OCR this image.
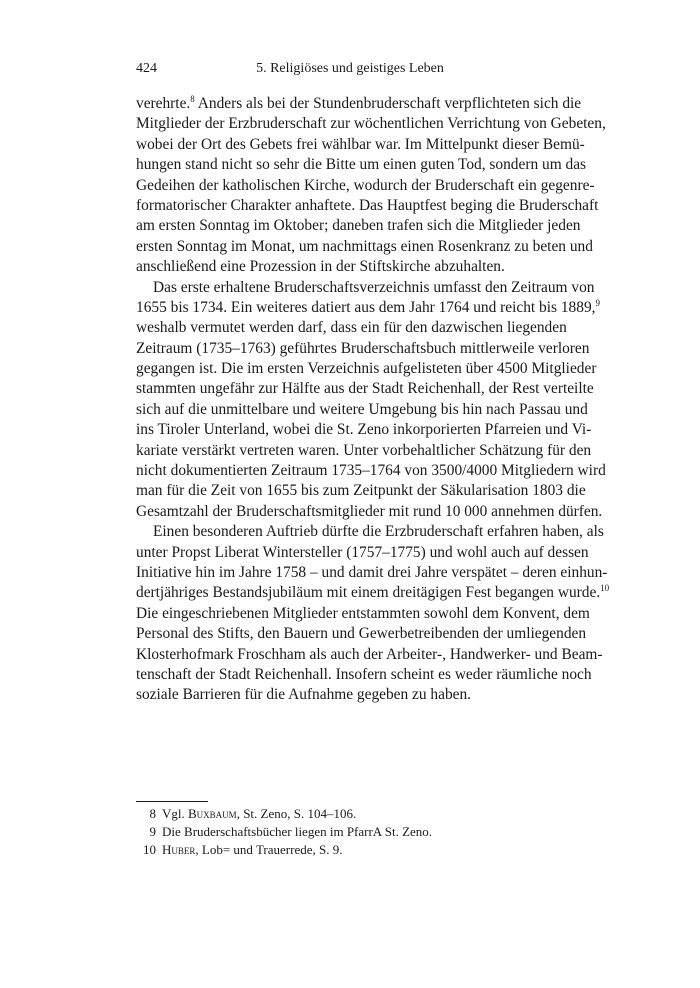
424	5. Religiöses und geistiges Leben
verehrte.$^8$ Anders als bei der Stundenbruderschaft verpflichteten sich die
Mitglieder der Erzbruderschaft zur wöchentlichen Verrichtung von Gebeten,
wobei der Ort des Gebets frei wählbar war. Im Mittelpunkt dieser Bemü-
hungen stand nicht so sehr die Bitte um einen guten Tod, sondern um das
Gedeihen der katholischen Kirche, wodurch der Bruderschaft ein gegenre-
formatorischer Charakter anhaftete. Das Hauptfest beging die Bruderschaft
am ersten Sonntag im Oktober; daneben trafen sich die Mitglieder jeden
ersten Sonntag im Monat, um nachmittags einen Rosenkranz zu beten und
anschließend eine Prozession in der Stiftskirche abzuhalten.
Das erste erhaltene Bruderschaftsverzeichnis umfasst den Zeitraum von
1655 bis 1734. Ein weiteres datiert aus dem Jahr 1764 und reicht bis 1889,$^9$
weshalb vermutet werden darf, dass ein für den dazwischen liegenden
Zeitraum (1735–1763) geführtes Bruderschaftsbuch mittlerweile verloren
gegangen ist. Die im ersten Verzeichnis aufgelisteten über 4500 Mitglieder
stammten ungefähr zur Hälfte aus der Stadt Reichenhall, der Rest verteilte
sich auf die unmittelbare und weitere Umgebung bis hin nach Passau und
ins Tiroler Unterland, wobei die St. Zeno inkorporierten Pfarreien und Vi-
kariate verstärkt vertreten waren. Unter vorbehaltlicher Schätzung für den
nicht dokumentierten Zeitraum 1735–1764 von 3500/4000 Mitgliedern wird
man für die Zeit von 1655 bis zum Zeitpunkt der Säkularisation 1803 die
Gesamtzahl der Bruderschaftsmitglieder mit rund 10 000 annehmen dürfen.
Einen besonderen Auftrieb dürfte die Erzbruderschaft erfahren haben, als
unter Propst Liberat Wintersteller (1757–1775) und wohl auch auf dessen
Initiative hin im Jahre 1758 – und damit drei Jahre verspätet – deren einhun-
dertjähriges Bestandsjubiläum mit einem dreitägigen Fest begangen wurde.$^{10}$
Die eingeschriebenen Mitglieder entstammten sowohl dem Konvent, dem
Personal des Stifts, den Bauern und Gewerbetreibenden der umliegenden
Klosterhofmark Froschham als auch der Arbeiter-, Handwerker- und Beam-
tenschaft der Stadt Reichenhall. Insofern scheint es weder räumliche noch
soziale Barrieren für die Aufnahme gegeben zu haben.
8 Vgl. Buxbaum, St. Zeno, S. 104–106.
9 Die Bruderschaftsbücher liegen im PfarrA St. Zeno.
10 Huber, Lob= und Trauerrede, S. 9.
